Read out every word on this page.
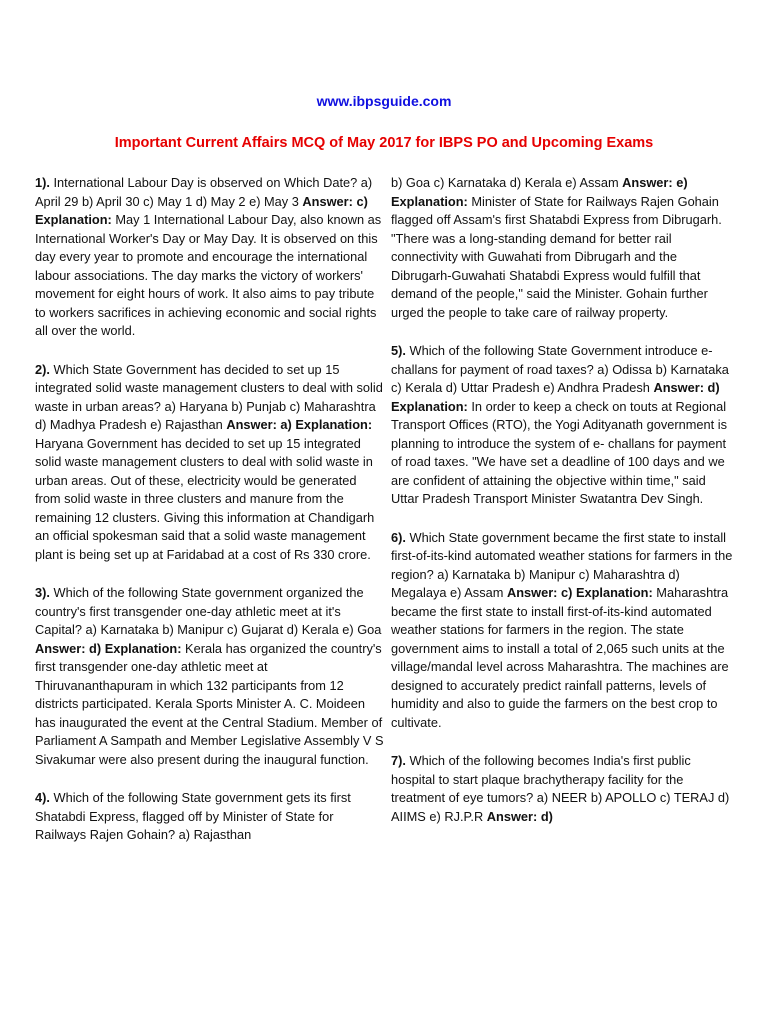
www.ibpsguide.com
Important Current Affairs MCQ of May 2017 for IBPS PO and Upcoming Exams

1). International Labour Day is observed on Which Date? a) April 29 b) April 30 c) May 1 d) May 2 e) May 3 Answer: c) Explanation: May 1 International Labour Day, also known as International Worker's Day or May Day. It is observed on this day every year to promote and encourage the international labour associations. The day marks the victory of workers' movement for eight hours of work. It also aims to pay tribute to workers sacrifices in achieving economic and social rights all over the world.

2). Which State Government has decided to set up 15 integrated solid waste management clusters to deal with solid waste in urban areas? a) Haryana b) Punjab c) Maharashtra d) Madhya Pradesh e) Rajasthan Answer: a) Explanation: Haryana Government has decided to set up 15 integrated solid waste management clusters to deal with solid waste in urban areas. Out of these, electricity would be generated from solid waste in three clusters and manure from the remaining 12 clusters. Giving this information at Chandigarh an official spokesman said that a solid waste management plant is being set up at Faridabad at a cost of Rs 330 crore.

3). Which of the following State government organized the country's first transgender one-day athletic meet at it's Capital? a) Karnataka b) Manipur c) Gujarat d) Kerala e) Goa Answer: d) Explanation: Kerala has organized the country's first transgender one-day athletic meet at Thiruvananthapuram in which 132 participants from 12 districts participated. Kerala Sports Minister A. C. Moideen has inaugurated the event at the Central Stadium. Member of Parliament A Sampath and Member Legislative Assembly V S Sivakumar were also present during the inaugural function.

4). Which of the following State government gets its first Shatabdi Express, flagged off by Minister of State for Railways Rajen Gohain? a) Rajasthan

b) Goa c) Karnataka d) Kerala e) Assam Answer: e) Explanation: Minister of State for Railways Rajen Gohain flagged off Assam's first Shatabdi Express from Dibrugarh. "There was a long-standing demand for better rail connectivity with Guwahati from Dibrugarh and the Dibrugarh-Guwahati Shatabdi Express would fulfill that demand of the people," said the Minister. Gohain further urged the people to take care of railway property.

5). Which of the following State Government introduce e-challans for payment of road taxes? a) Odissa b) Karnataka c) Kerala d) Uttar Pradesh e) Andhra Pradesh Answer: d) Explanation: In order to keep a check on touts at Regional Transport Offices (RTO), the Yogi Adityanath government is planning to introduce the system of e- challans for payment of road taxes. "We have set a deadline of 100 days and we are confident of attaining the objective within time," said Uttar Pradesh Transport Minister Swatantra Dev Singh.

6). Which State government became the first state to install first-of-its-kind automated weather stations for farmers in the region? a) Karnataka b) Manipur c) Maharashtra d) Megalaya e) Assam Answer: c) Explanation: Maharashtra became the first state to install first-of-its-kind automated weather stations for farmers in the region. The state government aims to install a total of 2,065 such units at the village/mandal level across Maharashtra. The machines are designed to accurately predict rainfall patterns, levels of humidity and also to guide the farmers on the best crop to cultivate.

7). Which of the following becomes India's first public hospital to start plaque brachytherapy facility for the treatment of eye tumors? a) NEER b) APOLLO c) TERAJ d) AIIMS e) RJ.P.R Answer: d)
